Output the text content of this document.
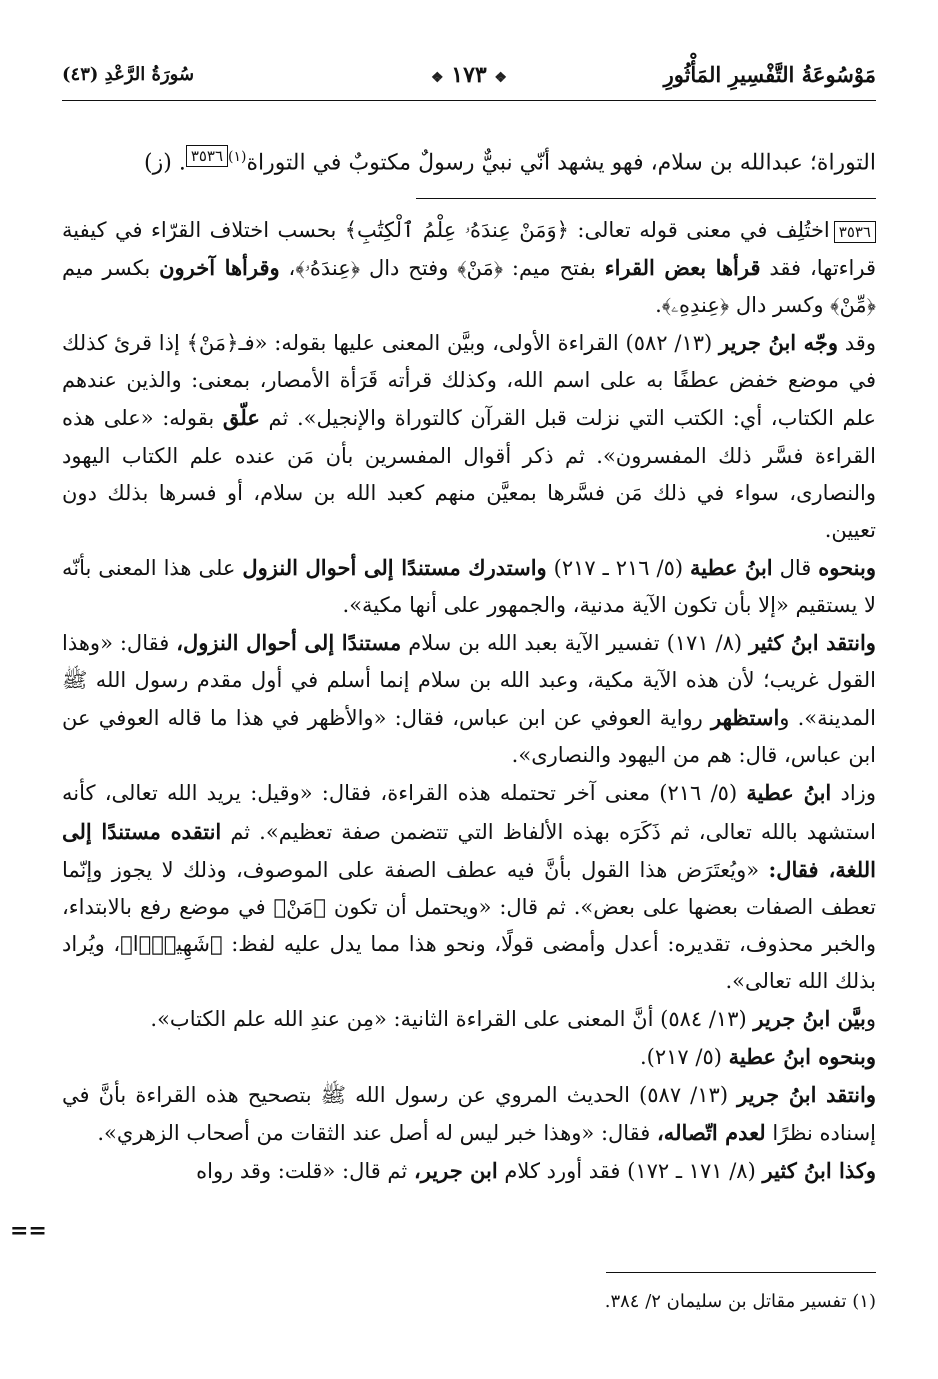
مَوْسُوعَةُ التَّفْسِيرِ المَأْثُورِ
❖ ١٧٣ ❖
سُورَةُ الرَّعْدِ (٤٣)
التوراة؛ عبدالله بن سلام، فهو يشهد أنّي نبيٌّ رسولٌ مكتوبٌ في التوراة$^{(١)}$٣٥٣٦. (ز)

٣٥٣٦اختُلِف في معنى قوله تعالى: ﴿وَمَنْ عِندَهُۥ عِلْمُ ٱلْكِتَٰبِ﴾ بحسب اختلاف القرّاء في كيفية قراءتها، فقد قرأها بعض القراء بفتح ميم: ﴿مَنْ﴾ وفتح دال ﴿عِندَهُۥ﴾، وقرأها آخرون بكسر ميم ﴿مِّنْ﴾ وكسر دال ﴿عِندِهِۦ﴾.

وقد وجّه ابنُ جرير (١٣/ ٥٨٢) القراءة الأولى، وبيَّن المعنى عليها بقوله: «فـ﴿مَنْ﴾ إذا قرئ كذلك في موضع خفض عطفًا به على اسم الله، وكذلك قرأته قَرَأة الأمصار، بمعنى: والذين عندهم علم الكتاب، أي: الكتب التي نزلت قبل القرآن كالتوراة والإنجيل». ثم علّق بقوله: «على هذه القراءة فسَّر ذلك المفسرون». ثم ذكر أقوال المفسرين بأن مَن عنده علم الكتاب اليهود والنصارى، سواء في ذلك مَن فسَّرها بمعيَّن منهم كعبد الله بن سلام، أو فسرها بذلك دون تعيين.

وبنحوه قال ابنُ عطية (٥/ ٢١٦ ـ ٢١٧) واستدرك مستندًا إلى أحوال النزول على هذا المعنى بأنّه لا يستقيم «إلا بأن تكون الآية مدنية، والجمهور على أنها مكية».

وانتقد ابنُ كثير (٨/ ١٧١) تفسير الآية بعبد الله بن سلام مستندًا إلى أحوال النزول، فقال: «وهذا القول غريب؛ لأن هذه الآية مكية، وعبد الله بن سلام إنما أسلم في أول مقدم رسول الله ﷺ المدينة». واستظهر رواية العوفي عن ابن عباس، فقال: «والأظهر في هذا ما قاله العوفي عن ابن عباس، قال: هم من اليهود والنصارى».

وزاد ابنُ عطية (٥/ ٢١٦) معنى آخر تحتمله هذه القراءة، فقال: «وقيل: يريد الله تعالى، كأنه استشهد بالله تعالى، ثم ذَكَرَه بهذه الألفاظ التي تتضمن صفة تعظيم». ثم انتقده مستندًا إلى اللغة، فقال: «ويُعتَرَض هذا القول بأنَّ فيه عطف الصفة على الموصوف، وذلك لا يجوز وإنّما تعطف الصفات بعضها على بعض». ثم قال: «ويحتمل أن تكون ﴿مَنْ﴾ في موضع رفع بالابتداء، والخبر محذوف، تقديره: أعدل وأمضى قولًا، ونحو هذا مما يدل عليه لفظ: ﴿شَهِيدًۢا﴾، ويُراد بذلك الله تعالى».

وبيَّن ابنُ جرير (١٣/ ٥٨٤) أنَّ المعنى على القراءة الثانية: «مِن عندِ الله علم الكتاب».

وبنحوه ابنُ عطية (٥/ ٢١٧).

وانتقد ابنُ جرير (١٣/ ٥٨٧) الحديث المروي عن رسول الله ﷺ بتصحيح هذه القراءة بأنَّ في إسناده نظرًا لعدم اتّصاله، فقال: «وهذا خبر ليس له أصل عند الثقات من أصحاب الزهري».

وكذا ابنُ كثير (٨/ ١٧١ ـ ١٧٢) فقد أورد كلام ابن جرير، ثم قال: «قلت: وقد رواه

==
(١) تفسير مقاتل بن سليمان ٢/ ٣٨٤.
